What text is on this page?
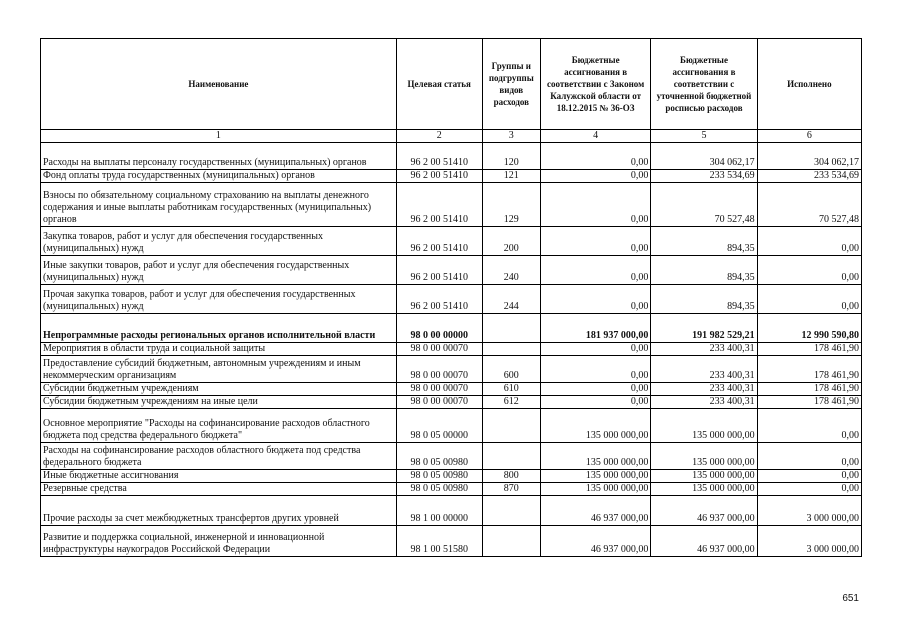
Наименование	Целевая статья	Группы и подгруппы видов расходов	Бюджетные ассигнования в соответствии с Законом Калужской области от 18.12.2015 № 36-ОЗ	Бюджетные ассигнования в соответствии с уточненной бюджетной росписью расходов	Исполнено
1	2	3	4	5	6
Расходы на выплаты персоналу государственных (муниципальных) органов	96 2 00 51410	120	0,00	304 062,17	304 062,17
Фонд оплаты труда государственных (муниципальных) органов	96 2 00 51410	121	0,00	233 534,69	233 534,69
Взносы по обязательному социальному страхованию на выплаты денежного содержания и иные выплаты работникам государственных (муниципальных) органов	96 2 00 51410	129	0,00	70 527,48	70 527,48
Закупка товаров, работ и услуг для обеспечения государственных (муниципальных) нужд	96 2 00 51410	200	0,00	894,35	0,00
Иные закупки товаров, работ и услуг для обеспечения государственных (муниципальных) нужд	96 2 00 51410	240	0,00	894,35	0,00
Прочая закупка товаров, работ и услуг для обеспечения государственных (муниципальных) нужд	96 2 00 51410	244	0,00	894,35	0,00
Непрограммные расходы региональных органов исполнительной власти	98 0 00 00000		181 937 000,00	191 982 529,21	12 990 590,80
Мероприятия в области труда и социальной защиты	98 0 00 00070		0,00	233 400,31	178 461,90
Предоставление субсидий бюджетным, автономным учреждениям и иным некоммерческим организациям	98 0 00 00070	600	0,00	233 400,31	178 461,90
Субсидии бюджетным учреждениям	98 0 00 00070	610	0,00	233 400,31	178 461,90
Субсидии бюджетным учреждениям на иные цели	98 0 00 00070	612	0,00	233 400,31	178 461,90
Основное мероприятие "Расходы на софинансирование расходов областного бюджета под средства федерального бюджета"	98 0 05 00000		135 000 000,00	135 000 000,00	0,00
Расходы на софинансирование расходов областного бюджета под средства федерального бюджета	98 0 05 00980		135 000 000,00	135 000 000,00	0,00
Иные бюджетные ассигнования	98 0 05 00980	800	135 000 000,00	135 000 000,00	0,00
Резервные средства	98 0 05 00980	870	135 000 000,00	135 000 000,00	0,00
Прочие расходы за счет межбюджетных трансфертов других уровней	98 1 00 00000		46 937 000,00	46 937 000,00	3 000 000,00
Развитие и поддержка социальной, инженерной и инновационной инфраструктуры наукоградов Российской Федерации	98 1 00 51580		46 937 000,00	46 937 000,00	3 000 000,00
651
